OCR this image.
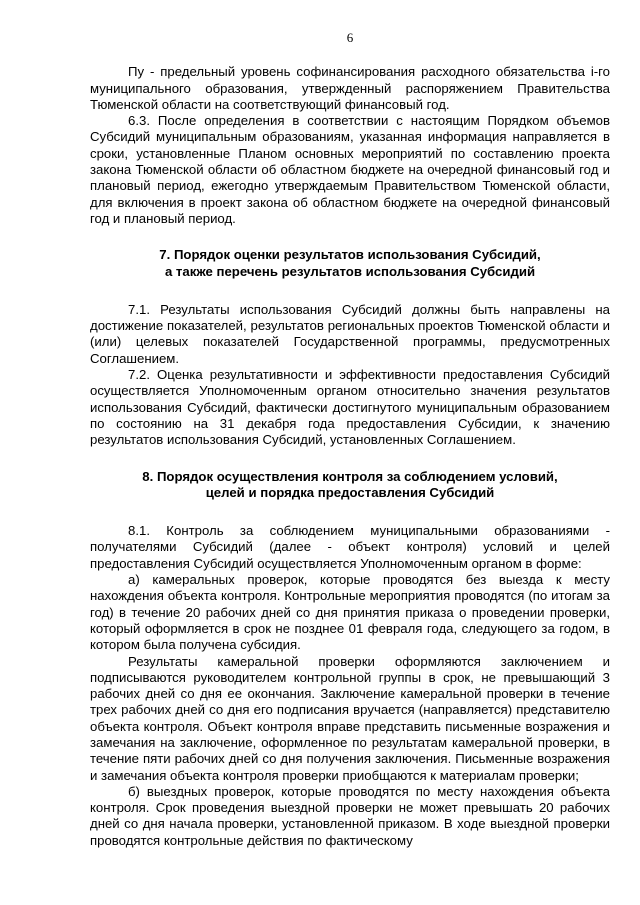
6

Пу - предельный уровень софинансирования расходного обязательства i-го муниципального образования, утвержденный распоряжением Правительства Тюменской области на соответствующий финансовый год.

6.3. После определения в соответствии с настоящим Порядком объемов Субсидий муниципальным образованиям, указанная информация направляется в сроки, установленные Планом основных мероприятий по составлению проекта закона Тюменской области об областном бюджете на очередной финансовый год и плановый период, ежегодно утверждаемым Правительством Тюменской области, для включения в проект закона об областном бюджете на очередной финансовый год и плановый период.

7. Порядок оценки результатов использования Субсидий,
а также перечень результатов использования Субсидий

7.1. Результаты использования Субсидий должны быть направлены на достижение показателей, результатов региональных проектов Тюменской области и (или) целевых показателей Государственной программы, предусмотренных Соглашением.

7.2. Оценка результативности и эффективности предоставления Субсидий осуществляется Уполномоченным органом относительно значения результатов использования Субсидий, фактически достигнутого муниципальным образованием по состоянию на 31 декабря года предоставления Субсидии, к значению результатов использования Субсидий, установленных Соглашением.

8. Порядок осуществления контроля за соблюдением условий,
целей и порядка предоставления Субсидий

8.1. Контроль за соблюдением муниципальными образованиями - получателями Субсидий (далее - объект контроля) условий и целей предоставления Субсидий осуществляется Уполномоченным органом в форме:

а) камеральных проверок, которые проводятся без выезда к месту нахождения объекта контроля. Контрольные мероприятия проводятся (по итогам за год) в течение 20 рабочих дней со дня принятия приказа о проведении проверки, который оформляется в срок не позднее 01 февраля года, следующего за годом, в котором была получена субсидия.

Результаты камеральной проверки оформляются заключением и подписываются руководителем контрольной группы в срок, не превышающий 3 рабочих дней со дня ее окончания. Заключение камеральной проверки в течение трех рабочих дней со дня его подписания вручается (направляется) представителю объекта контроля. Объект контроля вправе представить письменные возражения и замечания на заключение, оформленное по результатам камеральной проверки, в течение пяти рабочих дней со дня получения заключения. Письменные возражения и замечания объекта контроля проверки приобщаются к материалам проверки;

б) выездных проверок, которые проводятся по месту нахождения объекта контроля. Срок проведения выездной проверки не может превышать 20 рабочих дней со дня начала проверки, установленной приказом. В ходе выездной проверки проводятся контрольные действия по фактическому
